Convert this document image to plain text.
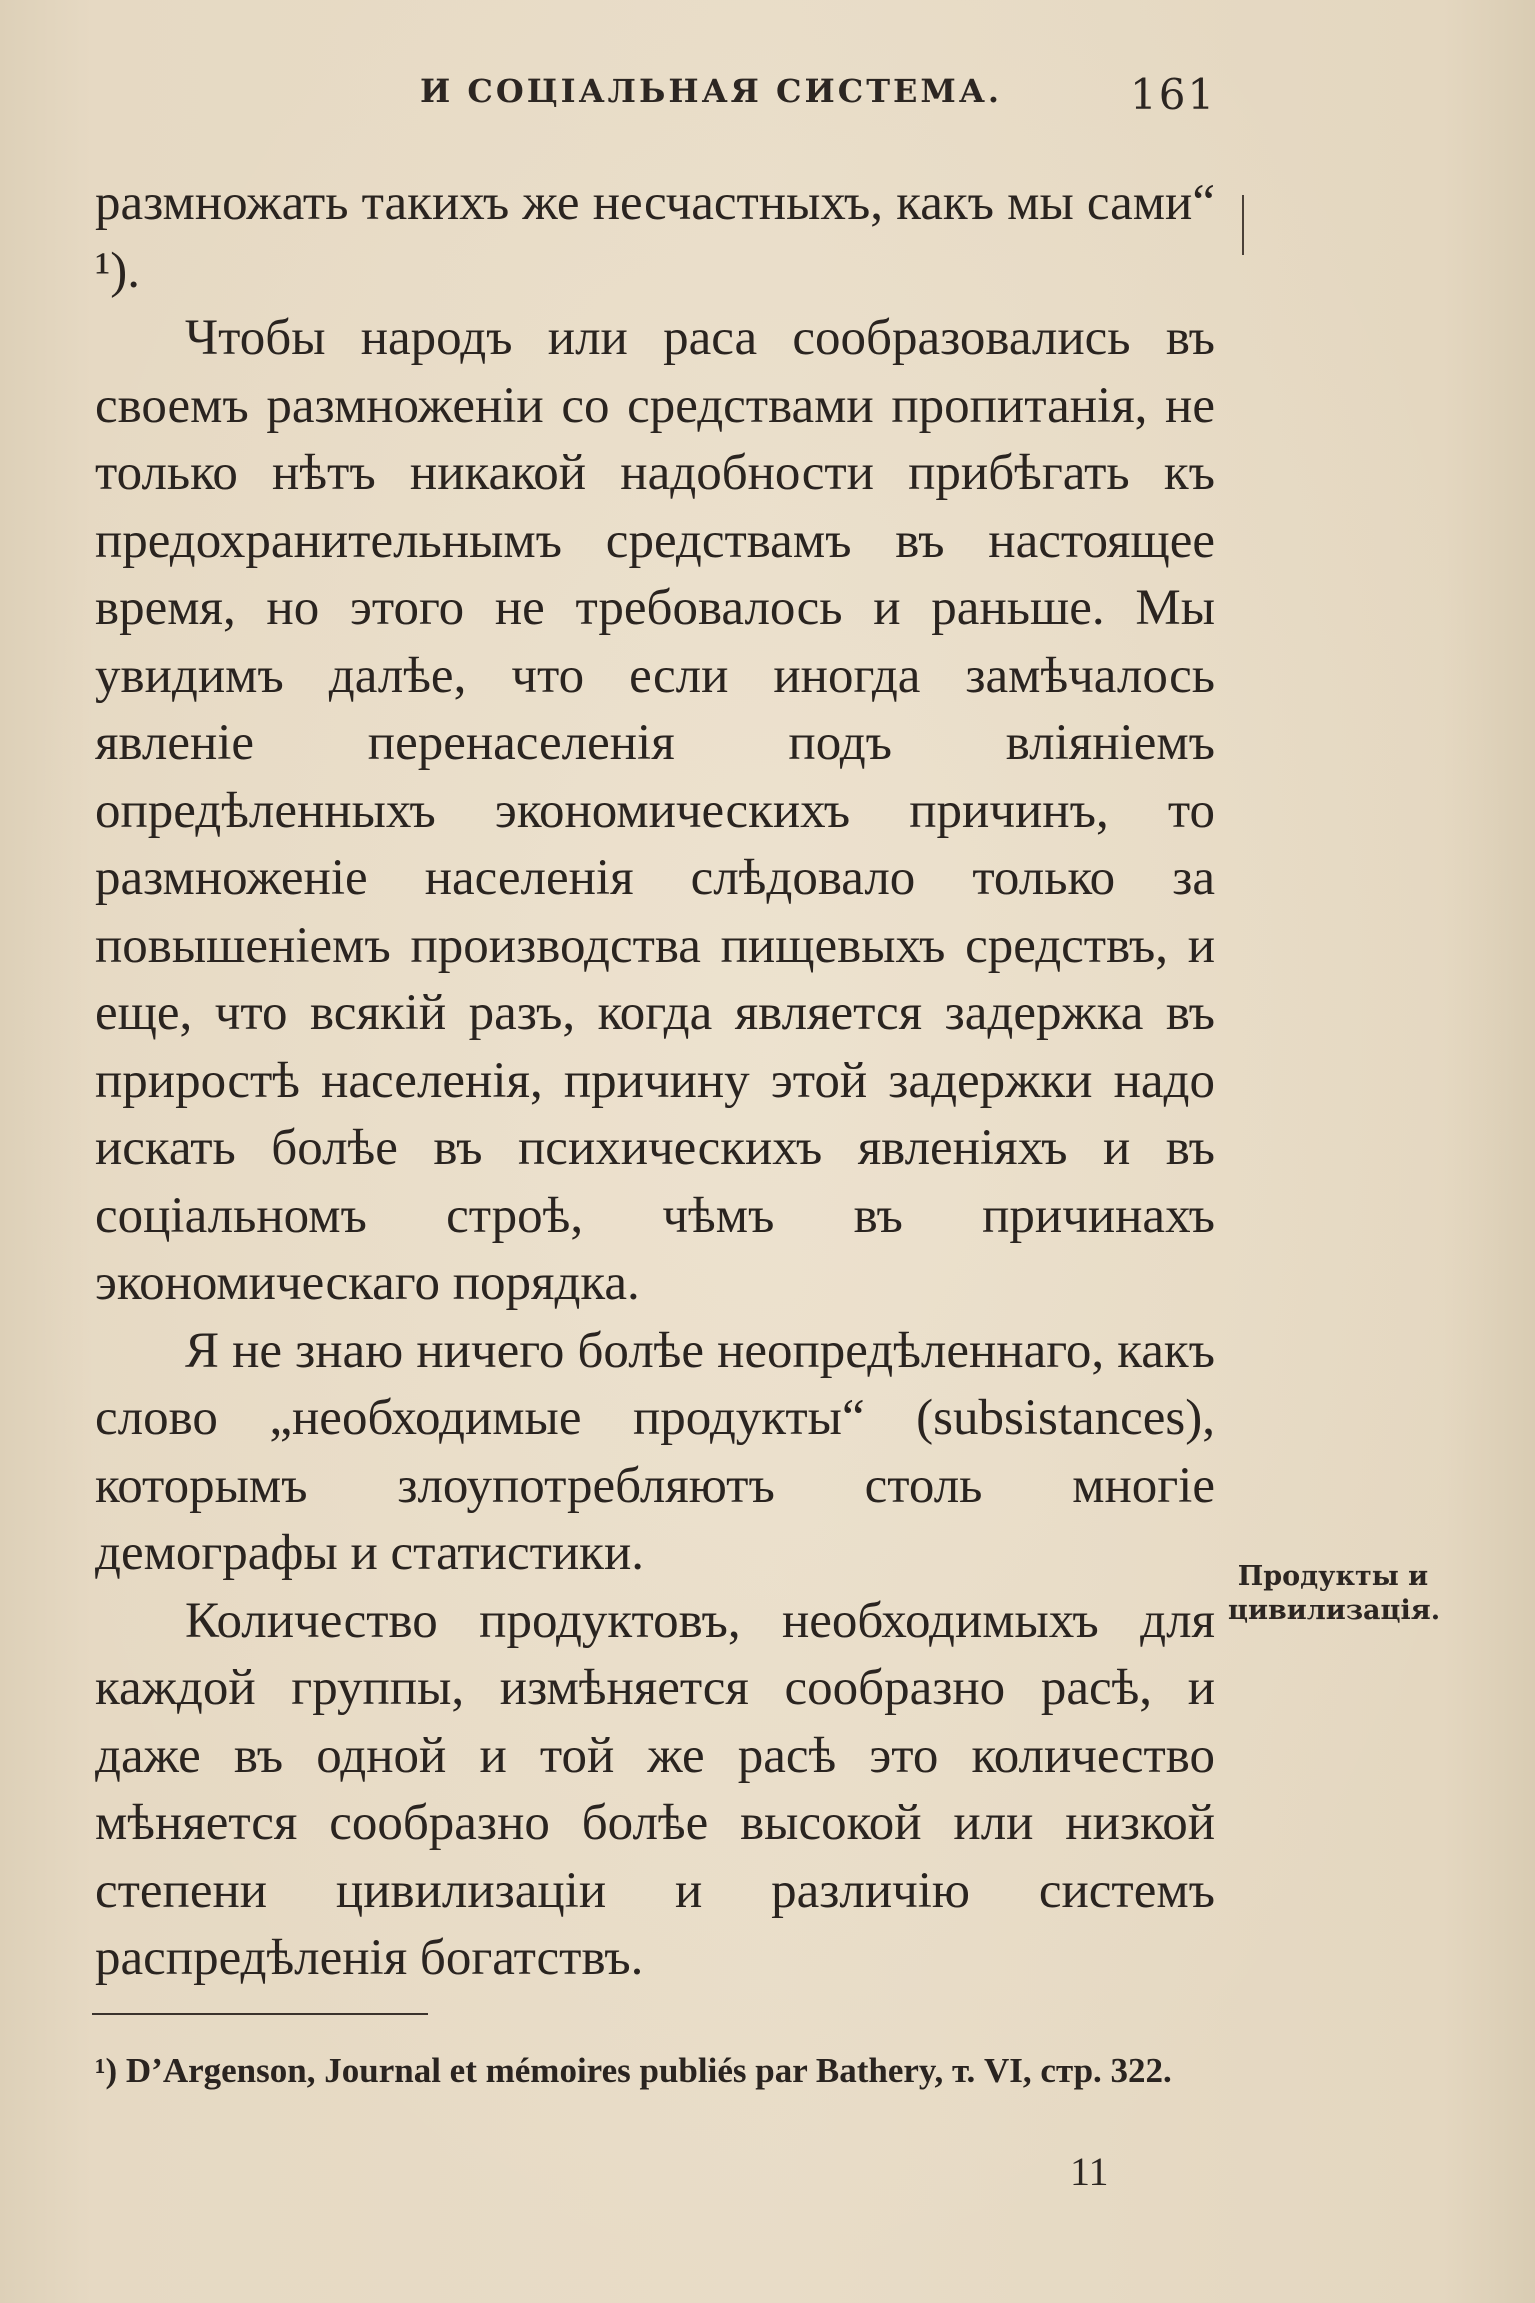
И СОЦІАЛЬНАЯ СИСТЕМА.	161

размножать такихъ же несчастныхъ, какъ мы сами“ ¹).

Чтобы народъ или раса сообразовались въ своемъ размноженіи со средствами пропитанія, не только нѣтъ никакой надобности прибѣгать къ предохранительнымъ средствамъ въ настоящее время, но этого не требовалось и раньше. Мы увидимъ далѣе, что если иногда замѣчалось явленіе перенаселенія подъ вліяніемъ опредѣленныхъ экономическихъ причинъ, то размноженіе населенія слѣдовало только за повышеніемъ производства пищевыхъ средствъ, и еще, что всякій разъ, когда является задержка въ приростѣ населенія, причину этой задержки надо искать болѣе въ психическихъ явленіяхъ и въ соціальномъ строѣ, чѣмъ въ причинахъ экономическаго порядка.

Я не знаю ничего болѣе неопредѣленнаго, какъ слово „необходимые продукты“ (subsistances), которымъ злоупотребляютъ столь многіе демографы и статистики.

Количество продуктовъ, необходимыхъ для каждой группы, измѣняется сообразно расѣ, и даже въ одной и той же расѣ это количество мѣняется сообразно болѣе высокой или низкой степени цивилизаціи и различію системъ распредѣленія богатствъ.

Продукты и цивилизація.
¹) D’Argenson, Journal et mémoires publiés par Bathery, т. VI, стр. 322.
11
